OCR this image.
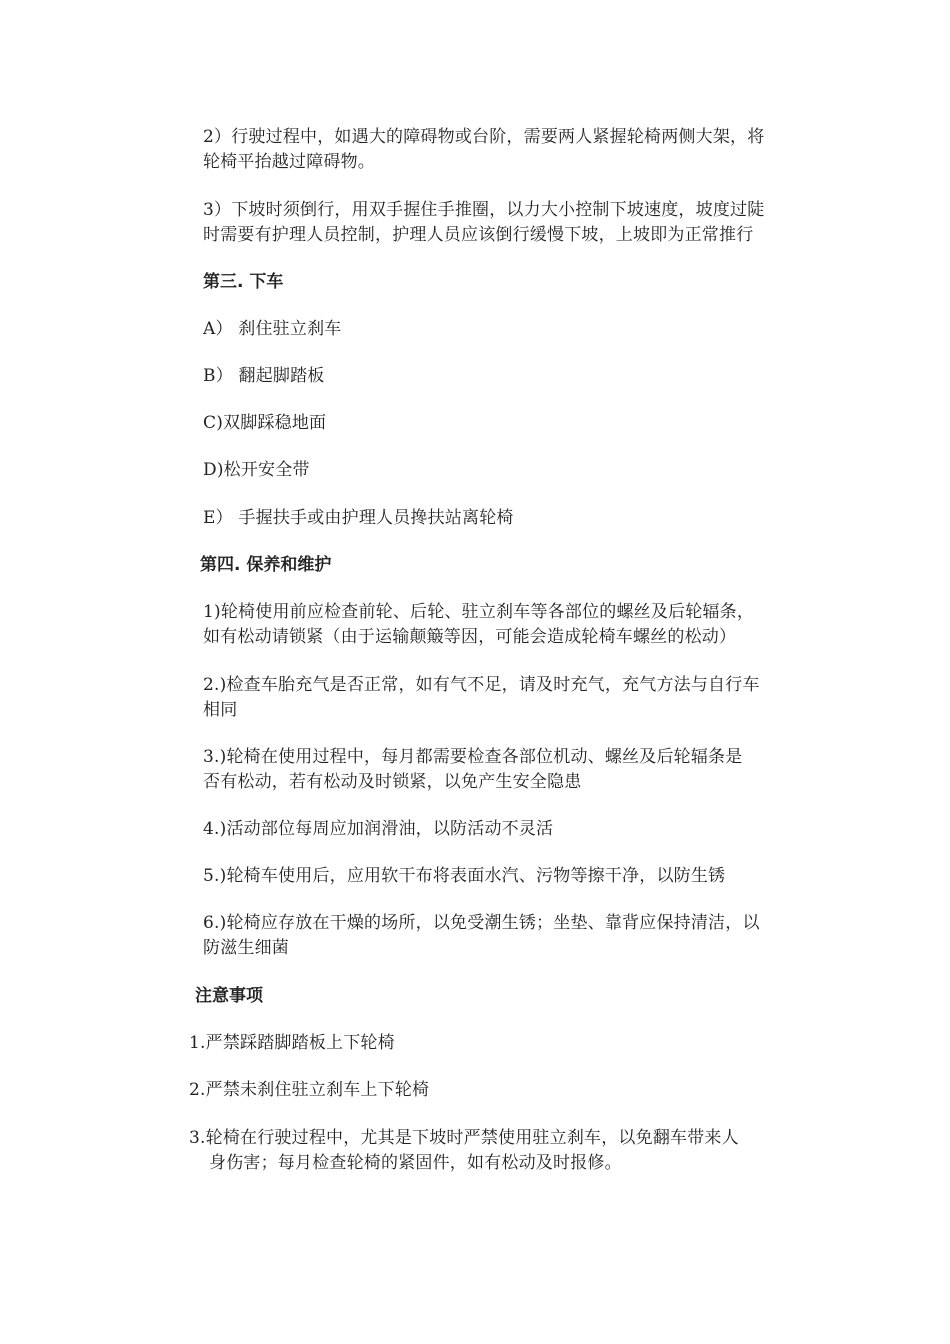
2）行驶过程中，如遇大的障碍物或台阶，需要两人紧握轮椅两侧大架，将
轮椅平抬越过障碍物。
3）下坡时须倒行，用双手握住手推圈，以力大小控制下坡速度，坡度过陡
时需要有护理人员控制，护理人员应该倒行缓慢下坡，上坡即为正常推行
第三. 下车
A） 刹住驻立刹车
B） 翻起脚踏板
C)双脚踩稳地面
D)松开安全带
E） 手握扶手或由护理人员搀扶站离轮椅
第四. 保养和维护
1)轮椅使用前应检查前轮、后轮、驻立刹车等各部位的螺丝及后轮辐条，
如有松动请锁紧（由于运输颠簸等因，可能会造成轮椅车螺丝的松动）
2.)检查车胎充气是否正常，如有气不足，请及时充气，充气方法与自行车
相同
3.)轮椅在使用过程中，每月都需要检查各部位机动、螺丝及后轮辐条是
否有松动，若有松动及时锁紧，以免产生安全隐患
4.)活动部位每周应加润滑油，以防活动不灵活
5.)轮椅车使用后，应用软干布将表面水汽、污物等擦干净，以防生锈
6.)轮椅应存放在干燥的场所，以免受潮生锈；坐垫、靠背应保持清洁，以
防滋生细菌
注意事项
1.严禁踩踏脚踏板上下轮椅
2.严禁未刹住驻立刹车上下轮椅
3.轮椅在行驶过程中，尤其是下坡时严禁使用驻立刹车，以免翻车带来人
身伤害；每月检查轮椅的紧固件，如有松动及时报修。
